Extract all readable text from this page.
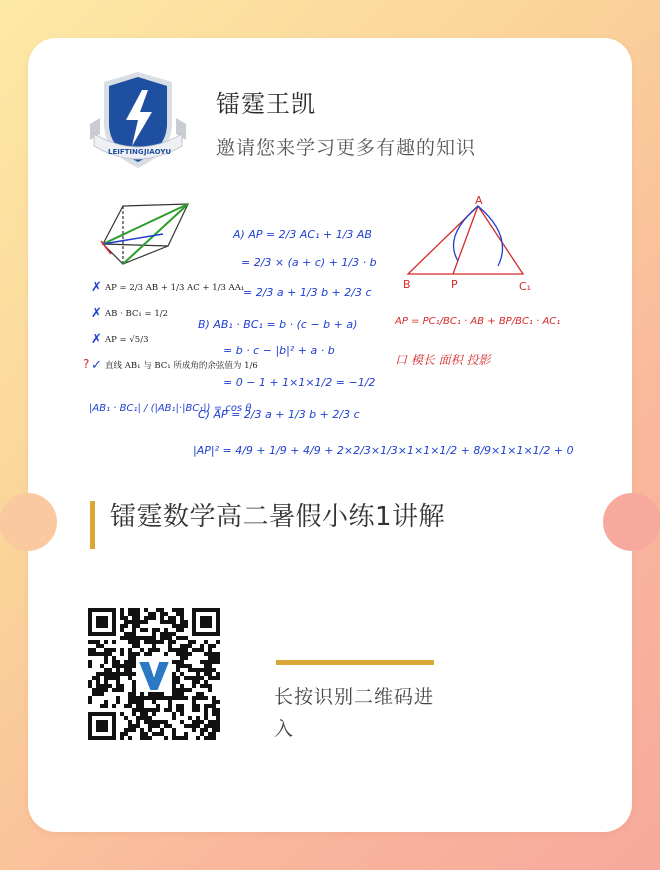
LEIFTING JIAOYU
镭霆王凯
邀请您来学习更多有趣的知识
B	P	C₁
A
AP = 2/3 AB + 1/3 AC + 1/3 AA₁
AB · BC₁ = 1/2
AP = √5/3
直线 AB₁ 与 BC₁ 所成角的余弦值为 1/6
✗
✗
✗
✓
?
A) AP = 2/3 AC₁ + 1/3 AB
= 2/3 × (a + c) + 1/3 · b
= 2/3 a + 1/3 b + 2/3 c
B) AB₁ · BC₁ = b · (c − b + a)
= b · c − |b|² + a · b
= 0 − 1 + 1×1×1/2 = −1/2
C) AP = 2/3 a + 1/3 b + 2/3 c
|AP|² = 4/9 + 1/9 + 4/9 + 2×2/3×1/3×1×1×1/2 + 8/9×1×1×1/2 + 0
|AB₁ · BC₁| / (|AB₁|·|BC₁|) = cos θ
AP = PC₁/BC₁ · AB + BP/BC₁ · AC₁
口 模长 面积 投影
镭霆数学高二暑假小练1讲解
长按识别二维码进入
